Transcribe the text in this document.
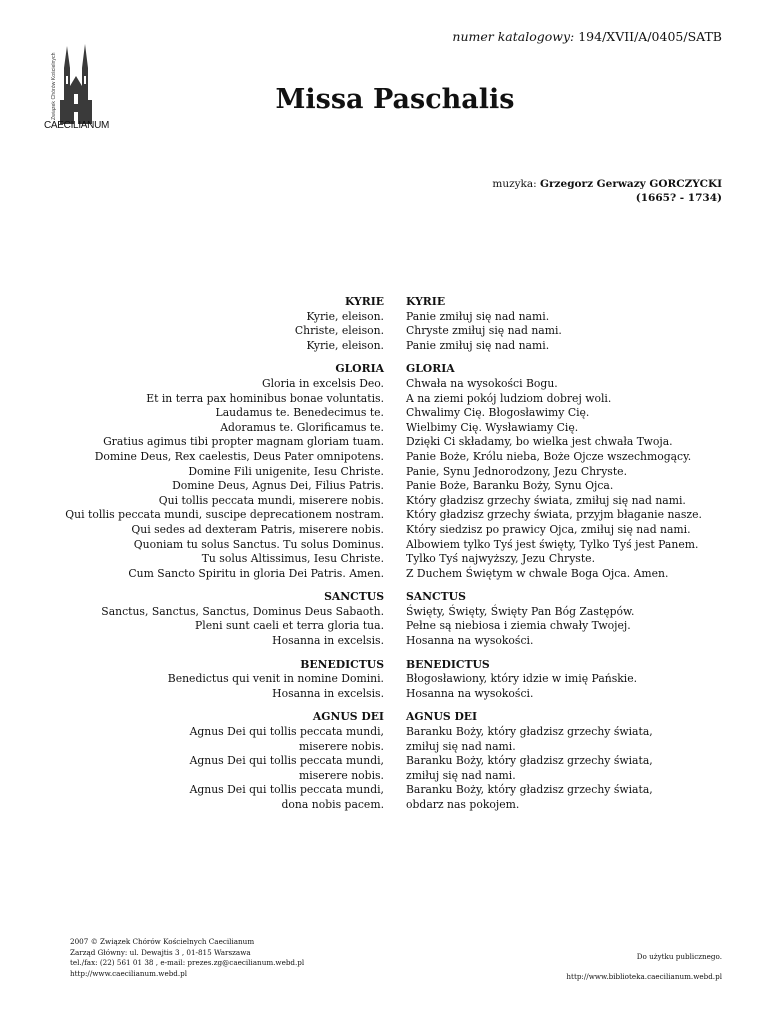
numer katalogowy: 194/XVII/A/0405/SATB
Związek Chórów Kościelnych
CAECILIANUM
Missa Paschalis
muzyka: Grzegorz Gerwazy GORCZYCKI
(1665? - 1734)
KYRIE
Kyrie, eleison.
Christe, eleison.
Kyrie, eleison.
GLORIA
Gloria in excelsis Deo.
Et in terra pax hominibus bonae voluntatis.
Laudamus te. Benedecimus te.
Adoramus te. Glorificamus te.
Gratius agimus tibi propter magnam gloriam tuam.
Domine Deus, Rex caelestis, Deus Pater omnipotens.
Domine Fili unigenite, Iesu Christe.
Domine Deus, Agnus Dei, Filius Patris.
Qui tollis peccata mundi, miserere nobis.
Qui tollis peccata mundi, suscipe deprecationem nostram.
Qui sedes ad dexteram Patris, miserere nobis.
Quoniam tu solus Sanctus. Tu solus Dominus.
Tu solus Altissimus, Iesu Christe.
Cum Sancto Spiritu in gloria Dei Patris. Amen.
SANCTUS
Sanctus, Sanctus, Sanctus, Dominus Deus Sabaoth.
Pleni sunt caeli et terra gloria tua.
Hosanna in excelsis.
BENEDICTUS
Benedictus qui venit in nomine Domini.
Hosanna in excelsis.
AGNUS DEI
Agnus Dei qui tollis peccata mundi,
miserere nobis.
Agnus Dei qui tollis peccata mundi,
miserere nobis.
Agnus Dei qui tollis peccata mundi,
dona nobis pacem.
KYRIE
Panie zmiłuj się nad nami.
Chryste zmiłuj się nad nami.
Panie zmiłuj się nad nami.
GLORIA
Chwała na wysokości Bogu.
A na ziemi pokój ludziom dobrej woli.
Chwalimy Cię. Błogosławimy Cię.
Wielbimy Cię. Wysławiamy Cię.
Dzięki Ci składamy, bo wielka jest chwała Twoja.
Panie Boże, Królu nieba, Boże Ojcze wszechmogący.
Panie, Synu Jednorodzony, Jezu Chryste.
Panie Boże, Baranku Boży, Synu Ojca.
Który gładzisz grzechy świata, zmiłuj się nad nami.
Który gładzisz grzechy świata, przyjm błaganie nasze.
Który siedzisz po prawicy Ojca, zmiłuj się nad nami.
Albowiem tylko Tyś jest święty, Tylko Tyś jest Panem.
Tylko Tyś najwyższy, Jezu Chryste.
Z Duchem Świętym w chwale Boga Ojca. Amen.
SANCTUS
Święty, Święty, Święty Pan Bóg Zastępów.
Pełne są niebiosa i ziemia chwały Twojej.
Hosanna na wysokości.
BENEDICTUS
Błogosławiony, który idzie w imię Pańskie.
Hosanna na wysokości.
AGNUS DEI
Baranku Boży, który gładzisz grzechy świata,
zmiłuj się nad nami.
Baranku Boży, który gładzisz grzechy świata,
zmiłuj się nad nami.
Baranku Boży, który gładzisz grzechy świata,
obdarz nas pokojem.
2007 © Związek Chórów Kościelnych Caecilianum
Zarząd Główny: ul. Dewajtis 3 , 01-815 Warszawa
tel./fax: (22) 561 01 38 , e-mail: prezes.zg@caecilianum.webd.pl
http://www.caecilianum.webd.pl
Do użytku publicznego.
http://www.biblioteka.caecilianum.webd.pl
